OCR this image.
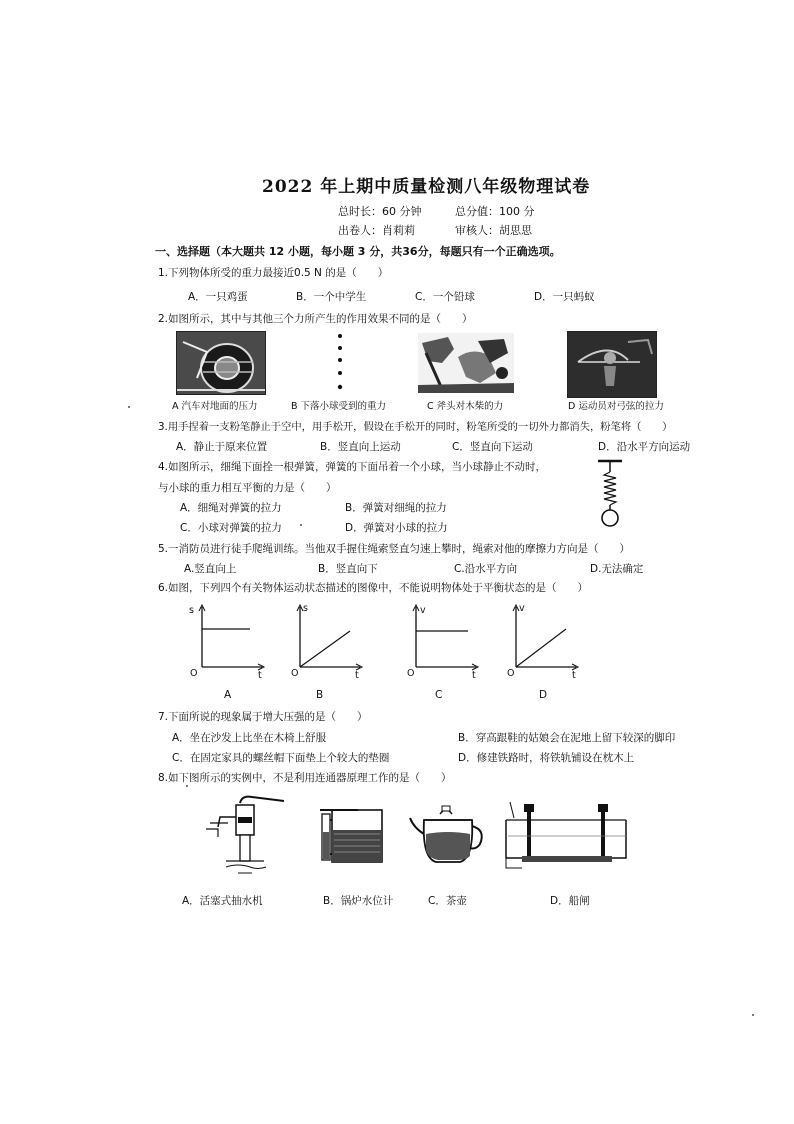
2022 年上期中质量检测八年级物理试卷
总时长：60 分钟	总分值：100 分
出卷人：肖莉莉	审核人：胡思思
一、选择题（本大题共 12 小题，每小题 3 分，共36分，每题只有一个正确选项。
1.下列物体所受的重力最接近0.5 N 的是（　　）
A．一只鸡蛋	B．一个中学生	C．一个铅球	D．一只蚂蚁
2.如图所示，其中与其他三个力所产生的作用效果不同的是（　　）
A 汽车对地面的压力	B 下落小球受到的重力	C 斧头对木柴的力	D 运动员对弓弦的拉力
3.用手捏着一支粉笔静止于空中，用手松开，假设在手松开的同时，粉笔所受的一切外力都消失，粉笔将（　　）
A．静止于原来位置	B．竖直向上运动	C．竖直向下运动	D．沿水平方向运动
4.如图所示，细绳下面拴一根弹簧，弹簧的下面吊着一个小球，当小球静止不动时，
与小球的重力相互平衡的力是（　　）
A．细绳对弹簧的拉力	B．弹簧对细绳的拉力
C．小球对弹簧的拉力	D．弹簧对小球的拉力
5.一消防员进行徒手爬绳训练。当他双手握住绳索竖直匀速上攀时，绳索对他的摩擦力方向是（　　）
A.竖直向上	B．竖直向下	C.沿水平方向	D.无法确定
6.如图，下列四个有关物体运动状态描述的图像中，不能说明物体处于平衡状态的是（　　）
s
t
O
A
s
t
O
B
v
t
O
C
v
t
O
D
7.下面所说的现象属于增大压强的是（　　）
A．坐在沙发上比坐在木椅上舒服	B．穿高跟鞋的姑娘会在泥地上留下较深的脚印
C．在固定家具的螺丝帽下面垫上个较大的垫圈	D．修建铁路时，将铁轨铺设在枕木上
8.如下图所示的实例中，不是利用连通器原理工作的是（　　）
A．活塞式抽水机	B．锅炉水位计	C．茶壶	D．船闸
